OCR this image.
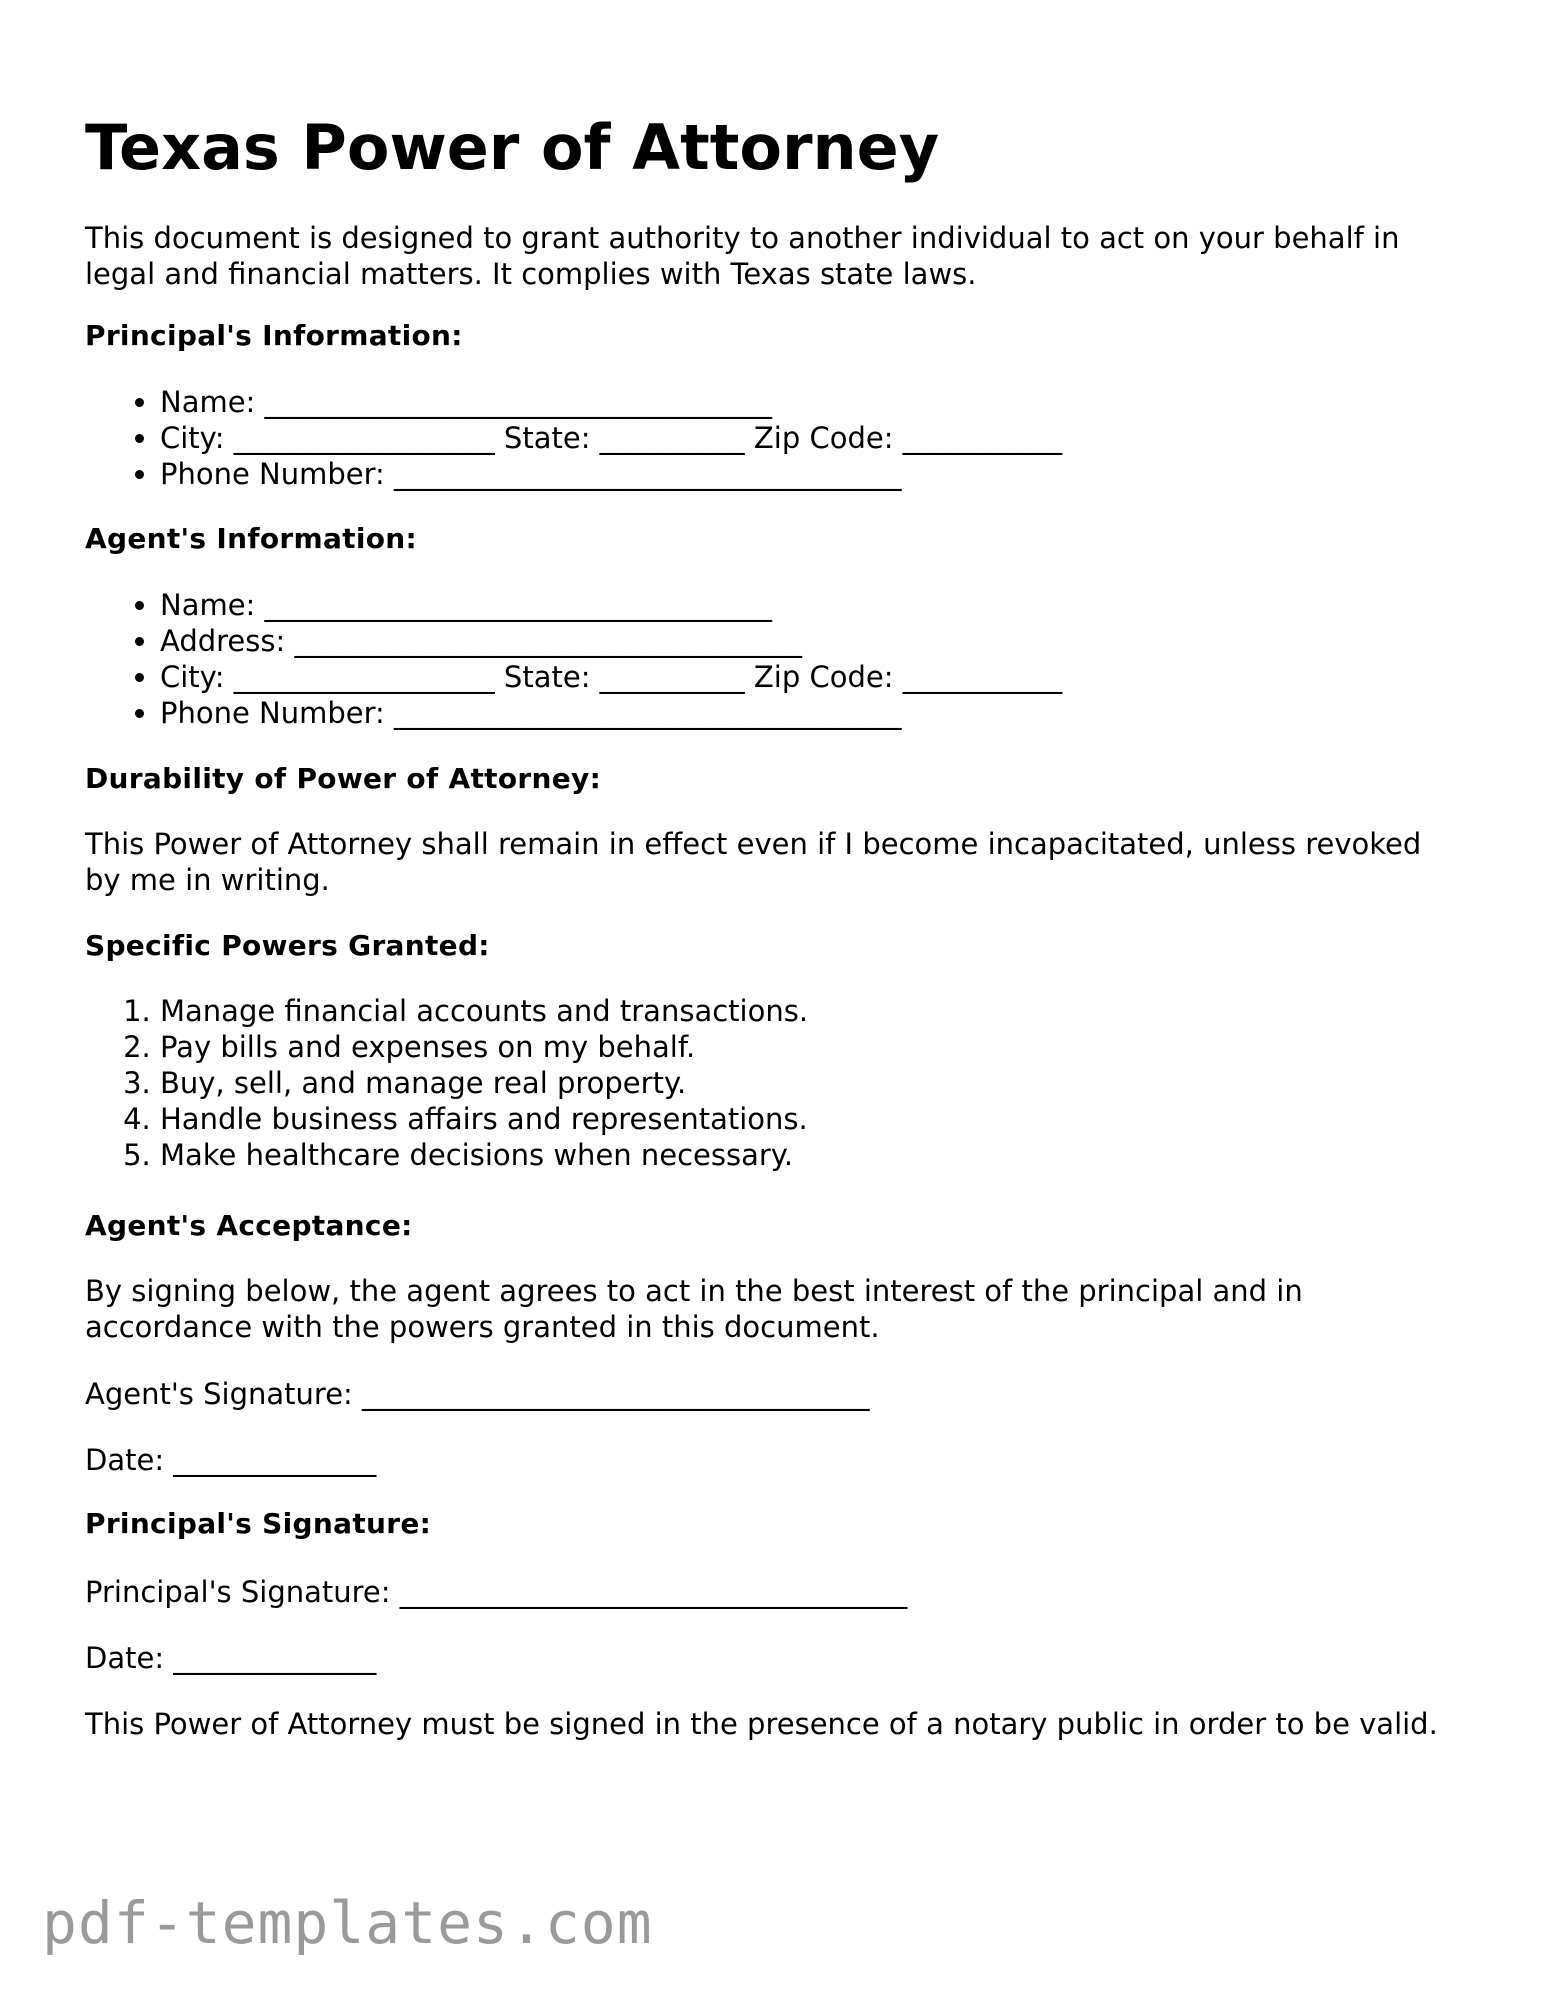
Texas Power of Attorney

This document is designed to grant authority to another individual to act on your behalf in legal and financial matters. It complies with Texas state laws.

Principal's Information:
• Name: ___________________________________
• City: __________________ State: __________ Zip Code: ___________
• Phone Number: ___________________________________
Agent's Information:
• Name: ___________________________________
• Address: ___________________________________
• City: __________________ State: __________ Zip Code: ___________
• Phone Number: ___________________________________
Durability of Power of Attorney:

This Power of Attorney shall remain in effect even if I become incapacitated, unless revoked by me in writing.

Specific Powers Granted:
1. Manage financial accounts and transactions.
2. Pay bills and expenses on my behalf.
3. Buy, sell, and manage real property.
4. Handle business affairs and representations.
5. Make healthcare decisions when necessary.
Agent's Acceptance:

By signing below, the agent agrees to act in the best interest of the principal and in accordance with the powers granted in this document.

Agent's Signature: ___________________________________

Date: ______________

Principal's Signature:

Principal's Signature: ___________________________________

Date: ______________

This Power of Attorney must be signed in the presence of a notary public in order to be valid.

pdf-templates.com
